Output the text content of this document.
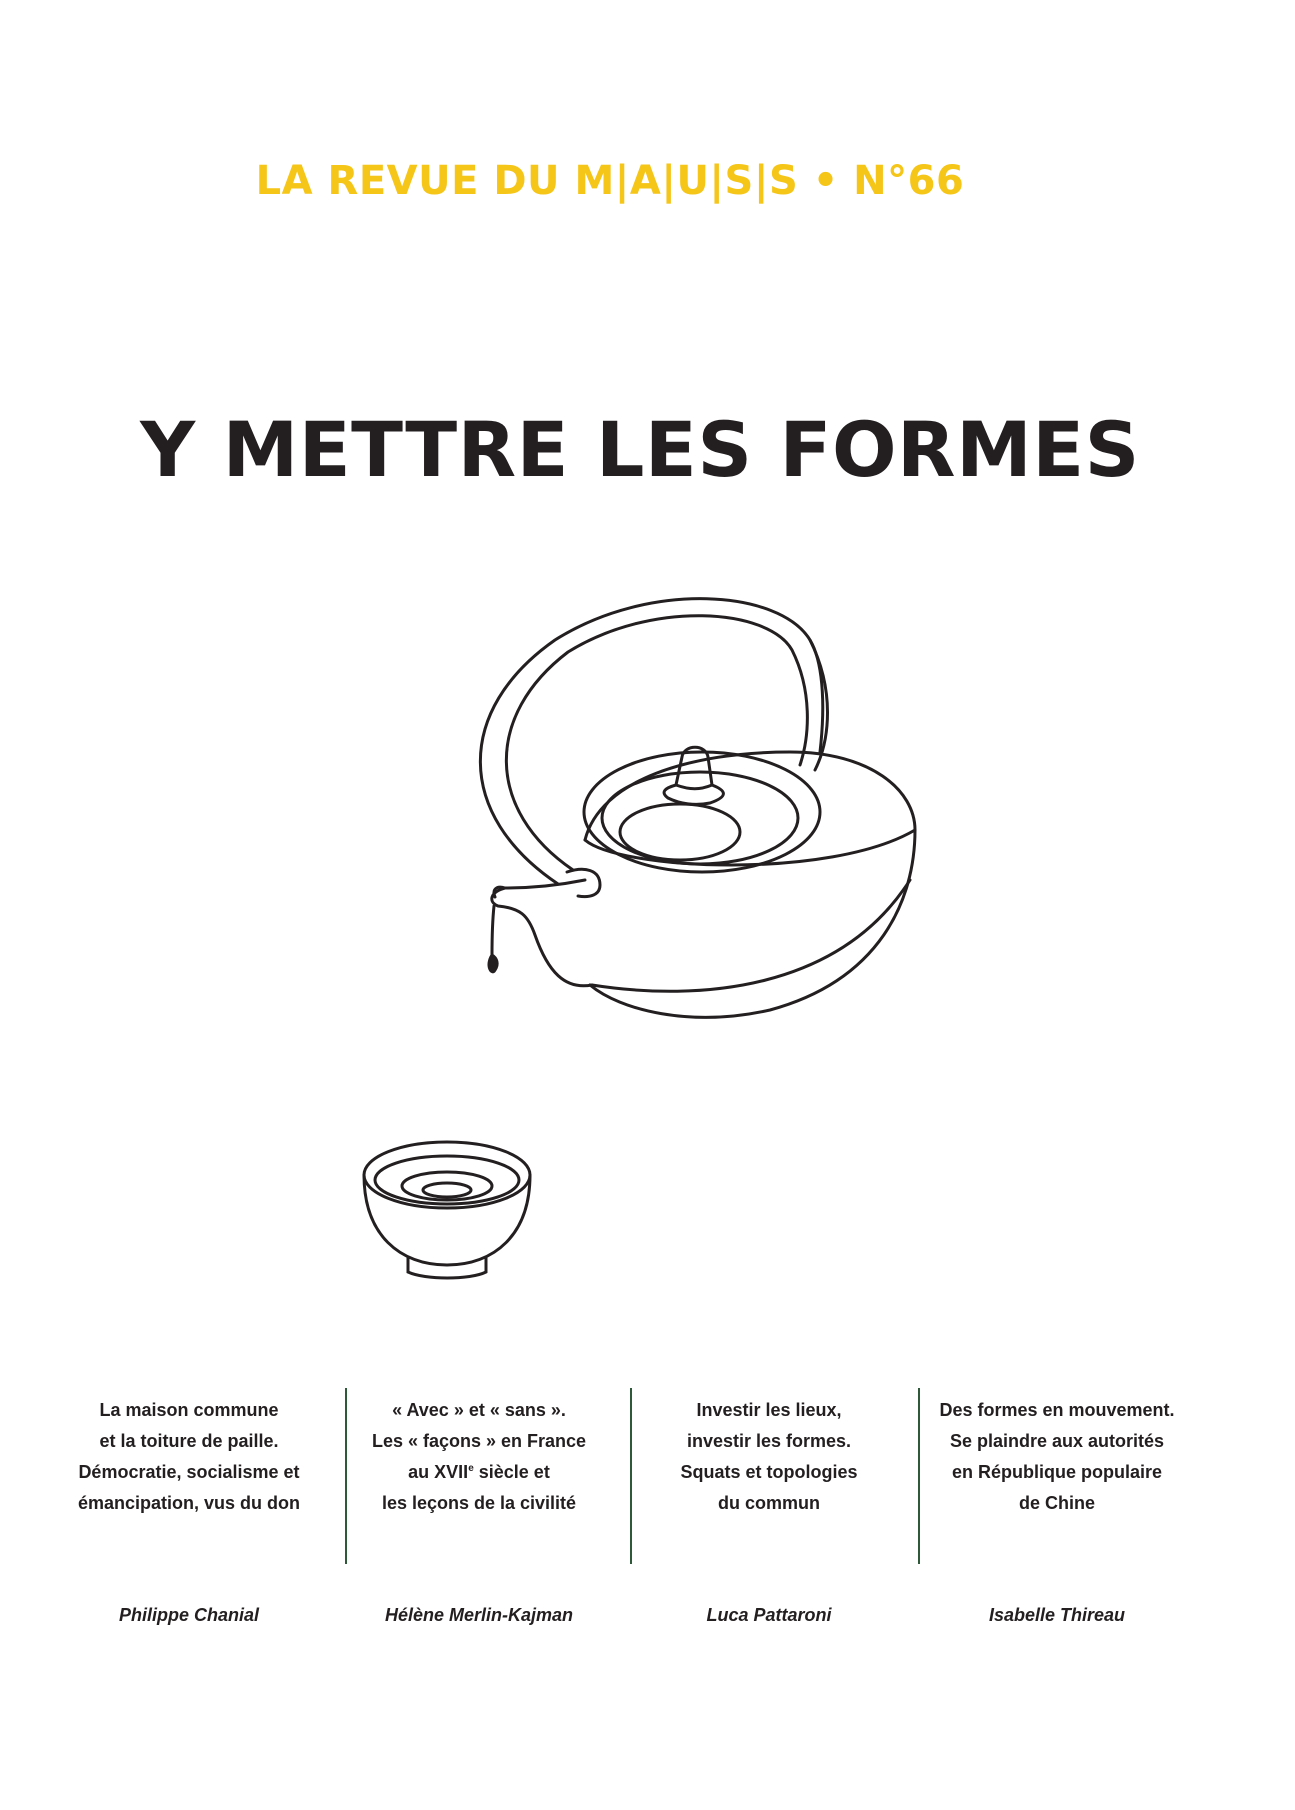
LA REVUE DU M|A|U|S|S • N°66
Y METTRE LES FORMES
La maison commune
et la toiture de paille.
Démocratie, socialisme et
émancipation, vus du don
Philippe Chanial
« Avec » et « sans ».
Les « façons » en France
au XVIIe siècle et
les leçons de la civilité
Hélène Merlin-Kajman
Investir les lieux,
investir les formes.
Squats et topologies
du commun
Luca Pattaroni
Des formes en mouvement.
Se plaindre aux autorités
en République populaire
de Chine
Isabelle Thireau
